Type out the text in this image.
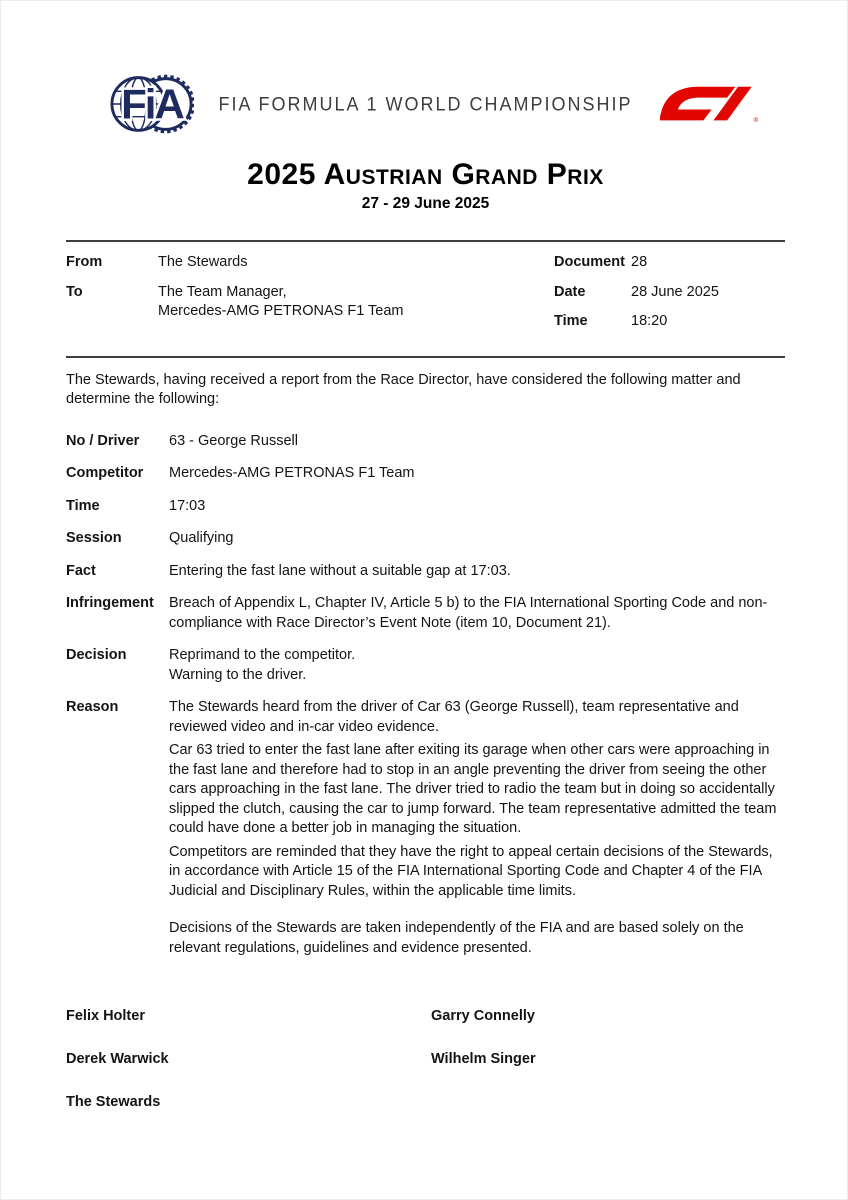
FiA	FIA FORMULA 1 WORLD CHAMPIONSHIP
®
2025 Austrian Grand Prix
27 - 29 June 2025
From	The Stewards
To	The Team Manager,
Mercedes-AMG PETRONAS F1 Team
Document 28
Date	28 June 2025
Time	18:20

The Stewards, having received a report from the Race Director, have considered the following matter and determine the following:

No / Driver	63 - George Russell
Competitor	Mercedes-AMG PETRONAS F1 Team
Time	17:03
Session	Qualifying
Fact	Entering the fast lane without a suitable gap at 17:03.
Infringement	Breach of Appendix L, Chapter IV, Article 5 b) to the FIA International Sporting Code and non-compliance with Race Director’s Event Note (item 10, Document 21).
Decision	Reprimand to the competitor.
Warning to the driver.
Reason	The Stewards heard from the driver of Car 63 (George Russell), team representative and reviewed video and in-car video evidence.

Car 63 tried to enter the fast lane after exiting its garage when other cars were approaching in the fast lane and therefore had to stop in an angle preventing the driver from seeing the other cars approaching in the fast lane. The driver tried to radio the team but in doing so accidentally slipped the clutch, causing the car to jump forward. The team representative admitted the team could have done a better job in managing the situation.

Competitors are reminded that they have the right to appeal certain decisions of the Stewards, in accordance with Article 15 of the FIA International Sporting Code and Chapter 4 of the FIA Judicial and Disciplinary Rules, within the applicable time limits.

Decisions of the Stewards are taken independently of the FIA and are based solely on the relevant regulations, guidelines and evidence presented.

Felix Holter	Garry Connelly
Derek Warwick	Wilhelm Singer
The Stewards
